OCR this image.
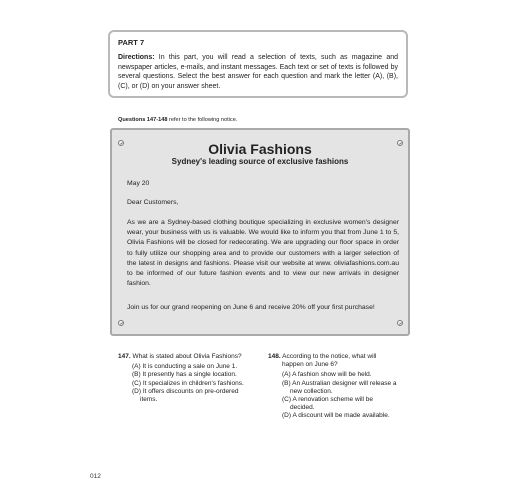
PART 7

Directions: In this part, you will read a selection of texts, such as magazine and newspaper articles, e-mails, and instant messages. Each text or set of texts is followed by several questions. Select the best answer for each question and mark the letter (A), (B), (C), or (D) on your answer sheet.

Questions 147-148 refer to the following notice.
Olivia Fashions
Sydney's leading source of exclusive fashions
May 20
Dear Customers,

As we are a Sydney-based clothing boutique specializing in exclusive women's designer wear, your business with us is valuable. We would like to inform you that from June 1 to 5, Olivia Fashions will be closed for redecorating. We are upgrading our floor space in order to fully utilize our shopping area and to provide our customers with a larger selection of the latest in designs and fashions. Please visit our website at www. oliviafashions.com.au to be informed of our future fashion events and to view our new arrivals in designer fashion.

Join us for our grand reopening on June 6 and receive 20% off your first purchase!
147. What is stated about Olivia Fashions?
(A) It is conducting a sale on June 1.
(B) It presently has a single location.
(C) It specializes in children's fashions.
(D) It offers discounts on pre-ordered
items.
148. According to the notice, what will
happen on June 6?
(A) A fashion show will be held.
(B) An Australian designer will release a
new collection.
(C) A renovation scheme will be
decided.
(D) A discount will be made available.
012
